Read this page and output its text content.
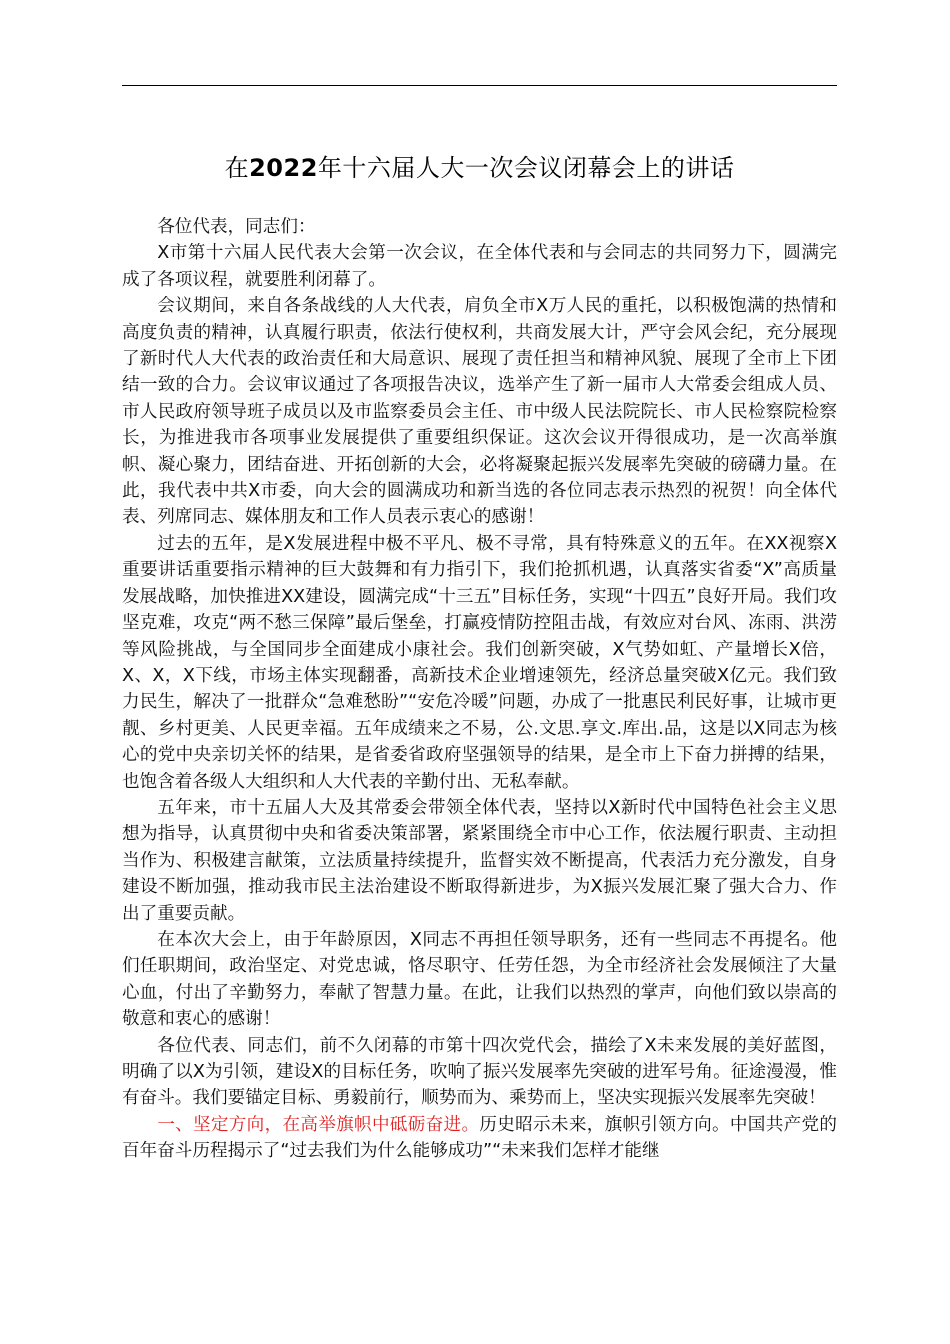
在2022年十六届人大一次会议闭幕会上的讲话

各位代表，同志们：

X市第十六届人民代表大会第一次会议，在全体代表和与会同志的共同努力下，圆满完成了各项议程，就要胜利闭幕了。

会议期间，来自各条战线的人大代表，肩负全市X万人民的重托，以积极饱满的热情和高度负责的精神，认真履行职责，依法行使权利，共商发展大计，严守会风会纪，充分展现了新时代人大代表的政治责任和大局意识、展现了责任担当和精神风貌、展现了全市上下团结一致的合力。会议审议通过了各项报告决议，选举产生了新一届市人大常委会组成人员、市人民政府领导班子成员以及市监察委员会主任、市中级人民法院院长、市人民检察院检察长，为推进我市各项事业发展提供了重要组织保证。这次会议开得很成功，是一次高举旗帜、凝心聚力，团结奋进、开拓创新的大会，必将凝聚起振兴发展率先突破的磅礴力量。在此，我代表中共X市委，向大会的圆满成功和新当选的各位同志表示热烈的祝贺！向全体代表、列席同志、媒体朋友和工作人员表示衷心的感谢！

过去的五年，是X发展进程中极不平凡、极不寻常，具有特殊意义的五年。在XX视察X重要讲话重要指示精神的巨大鼓舞和有力指引下，我们抢抓机遇，认真落实省委“X”高质量发展战略，加快推进XX建设，圆满完成“十三五”目标任务，实现“十四五”良好开局。我们攻坚克难，攻克“两不愁三保障”最后堡垒，打赢疫情防控阻击战，有效应对台风、冻雨、洪涝等风险挑战，与全国同步全面建成小康社会。我们创新突破，X气势如虹、产量增长X倍，X、X，X下线，市场主体实现翻番，高新技术企业增速领先，经济总量突破X亿元。我们致力民生，解决了一批群众“急难愁盼”“安危冷暖”问题，办成了一批惠民利民好事，让城市更靓、乡村更美、人民更幸福。五年成绩来之不易，公.文思.享文.库出.品，这是以X同志为核心的党中央亲切关怀的结果，是省委省政府坚强领导的结果，是全市上下奋力拼搏的结果，也饱含着各级人大组织和人大代表的辛勤付出、无私奉献。

五年来，市十五届人大及其常委会带领全体代表，坚持以X新时代中国特色社会主义思想为指导，认真贯彻中央和省委决策部署，紧紧围绕全市中心工作，依法履行职责、主动担当作为、积极建言献策，立法质量持续提升，监督实效不断提高，代表活力充分激发，自身建设不断加强，推动我市民主法治建设不断取得新进步，为X振兴发展汇聚了强大合力、作出了重要贡献。

在本次大会上，由于年龄原因，X同志不再担任领导职务，还有一些同志不再提名。他们任职期间，政治坚定、对党忠诚，恪尽职守、任劳任怨，为全市经济社会发展倾注了大量心血，付出了辛勤努力，奉献了智慧力量。在此，让我们以热烈的掌声，向他们致以崇高的敬意和衷心的感谢！

各位代表、同志们，前不久闭幕的市第十四次党代会，描绘了X未来发展的美好蓝图，明确了以X为引领，建设X的目标任务，吹响了振兴发展率先突破的进军号角。征途漫漫，惟有奋斗。我们要锚定目标、勇毅前行，顺势而为、乘势而上，坚决实现振兴发展率先突破！

一、坚定方向，在高举旗帜中砥砺奋进。历史昭示未来，旗帜引领方向。中国共产党的百年奋斗历程揭示了“过去我们为什么能够成功”“未来我们怎样才能继
